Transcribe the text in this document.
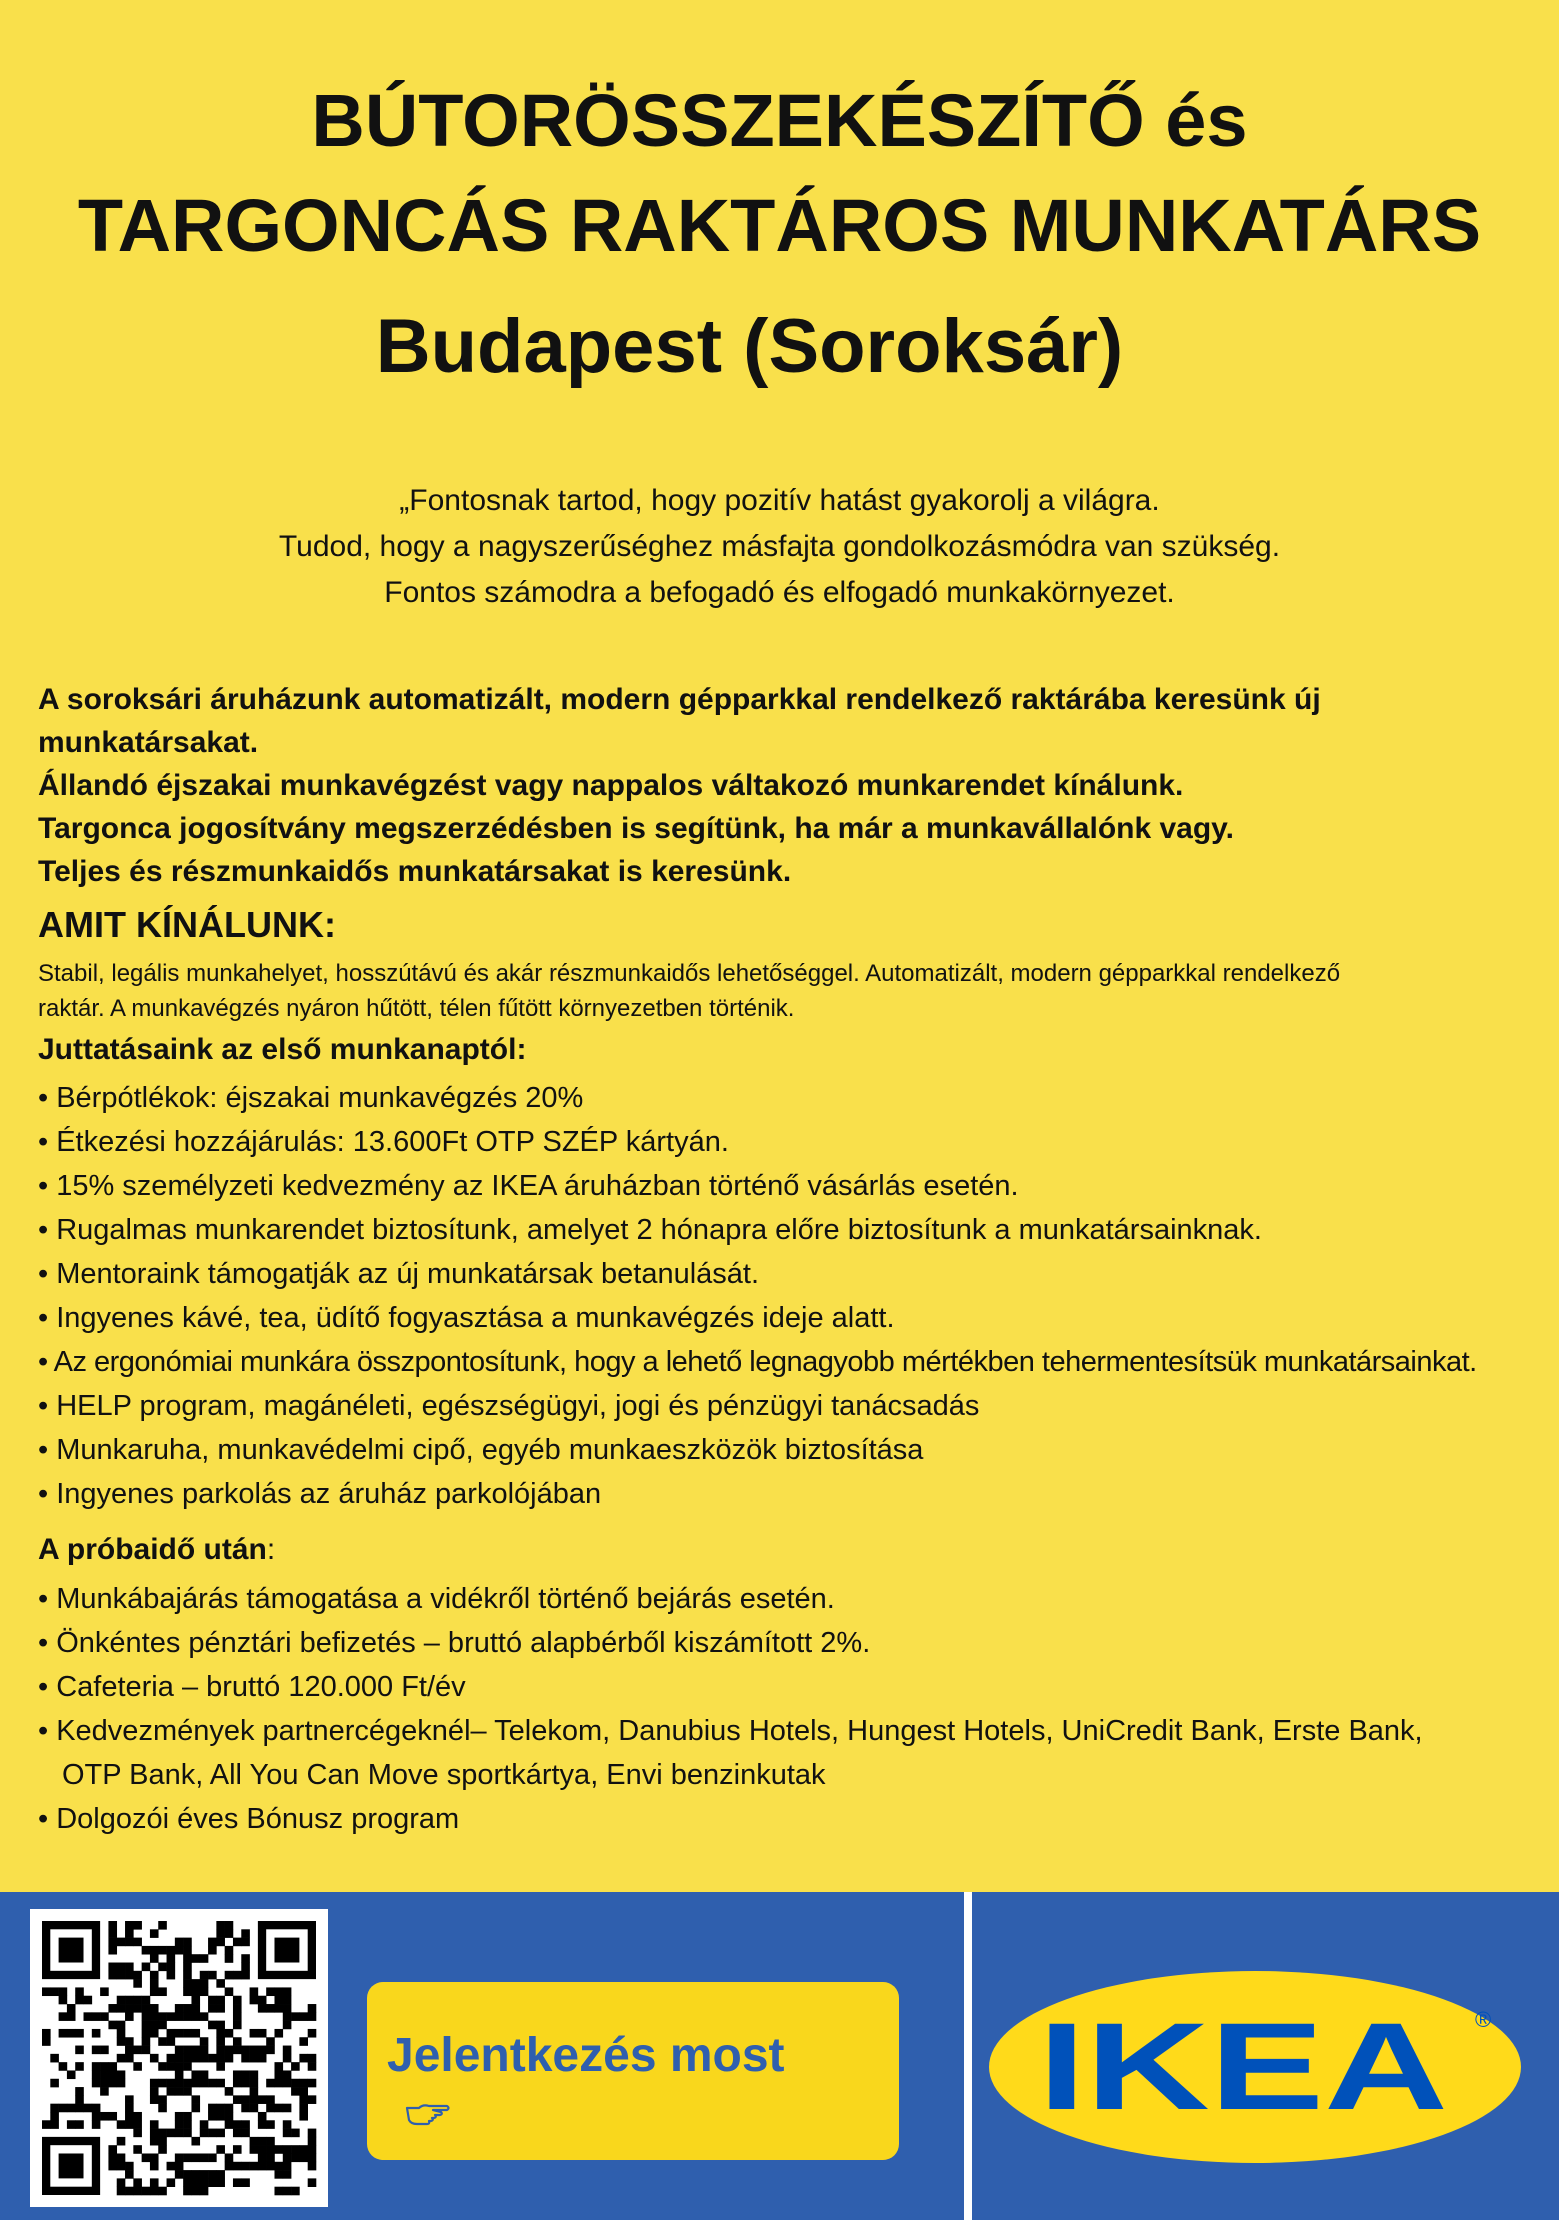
BÚTORÖSSZEKÉSZÍTŐ és
TARGONCÁS RAKTÁROS MUNKATÁRS
Budapest (Soroksár)
„Fontosnak tartod, hogy pozitív hatást gyakorolj a világra.
Tudod, hogy a nagyszerűséghez másfajta gondolkozásmódra van szükség.
Fontos számodra a befogadó és elfogadó munkakörnyezet.
A soroksári áruházunk automatizált, modern gépparkkal rendelkező raktárába keresünk új munkatársakat.
Állandó éjszakai munkavégzést vagy nappalos váltakozó munkarendet kínálunk.
Targonca jogosítvány megszerzédésben is segítünk, ha már a munkavállalónk vagy.
Teljes és részmunkaidős munkatársakat is keresünk.
AMIT KÍNÁLUNK:
Stabil, legális munkahelyet, hosszútávú és akár részmunkaidős lehetőséggel. Automatizált, modern gépparkkal rendelkező
raktár. A munkavégzés nyáron hűtött, télen fűtött környezetben történik.
Juttatásaink az első munkanaptól:
• Bérpótlékok: éjszakai munkavégzés 20%
• Étkezési hozzájárulás: 13.600Ft OTP SZÉP kártyán.
• 15% személyzeti kedvezmény az IKEA áruházban történő vásárlás esetén.
• Rugalmas munkarendet biztosítunk, amelyet 2 hónapra előre biztosítunk a munkatársainknak.
• Mentoraink támogatják az új munkatársak betanulását.
• Ingyenes kávé, tea, üdítő fogyasztása a munkavégzés ideje alatt.
• Az ergonómiai munkára összpontosítunk, hogy a lehető legnagyobb mértékben tehermentesítsük munkatársainkat.
• HELP program, magánéleti, egészségügyi, jogi és pénzügyi tanácsadás
• Munkaruha, munkavédelmi cipő, egyéb munkaeszközök biztosítása
• Ingyenes parkolás az áruház parkolójában
A próbaidő után:
• Munkábajárás támogatása a vidékről történő bejárás esetén.
• Önkéntes pénztári befizetés – bruttó alapbérből kiszámított 2%.
• Cafeteria – bruttó 120.000 Ft/év
• Kedvezmények partnercégeknél– Telekom, Danubius Hotels, Hungest Hotels, UniCredit Bank, Erste Bank,
OTP Bank, All You Can Move sportkártya, Envi benzinkutak
• Dolgozói éves Bónusz program
Jelentkezés most IKEA ®
